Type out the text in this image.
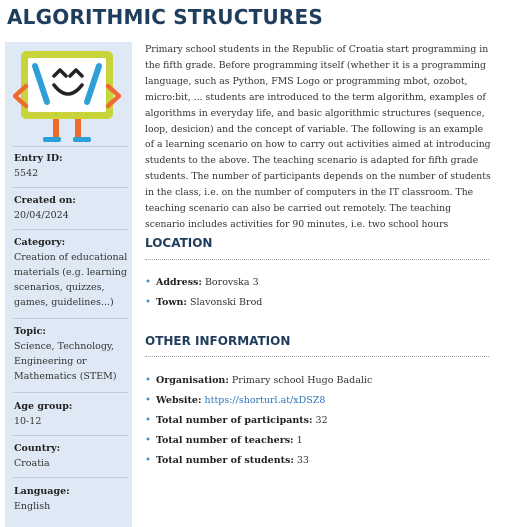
ALGORITHMIC STRUCTURES
Entry ID:
5542
Created on:
20/04/2024
Category:
Creation of educational materials (e.g. learning scenarios, quizzes, games, guidelines...)
Topic:
Science, Technology, Engineering or Mathematics (STEM)
Age group:
10-12
Country:
Croatia
Language:
English

Primary school students in the Republic of Croatia start programming in the fifth grade. Before programming itself (whether it is a programming language, such as Python, FMS Logo or programming mbot, ozobot, micro:bit, ... students are introduced to the term algorithm, examples of algorithms in everyday life, and basic algorithmic structures (sequence, loop, desicion) and the concept of variable. The following is an example of a learning scenario on how to carry out activities aimed at introducing students to the above. The teaching scenario is adapted for fifth grade students. The number of participants depends on the number of students in the class, i.e. on the number of computers in the IT classroom. The teaching scenario can also be carried out remotely. The teaching scenario includes activities for 90 minutes, i.e. two school hours

LOCATION
• Address: Borovska 3
• Town: Slavonski Brod
OTHER INFORMATION
• Organisation: Primary school Hugo Badalic
• Website: https://shorturl.at/xDSZ8
• Total number of participants: 32
• Total number of teachers: 1
• Total number of students: 33
